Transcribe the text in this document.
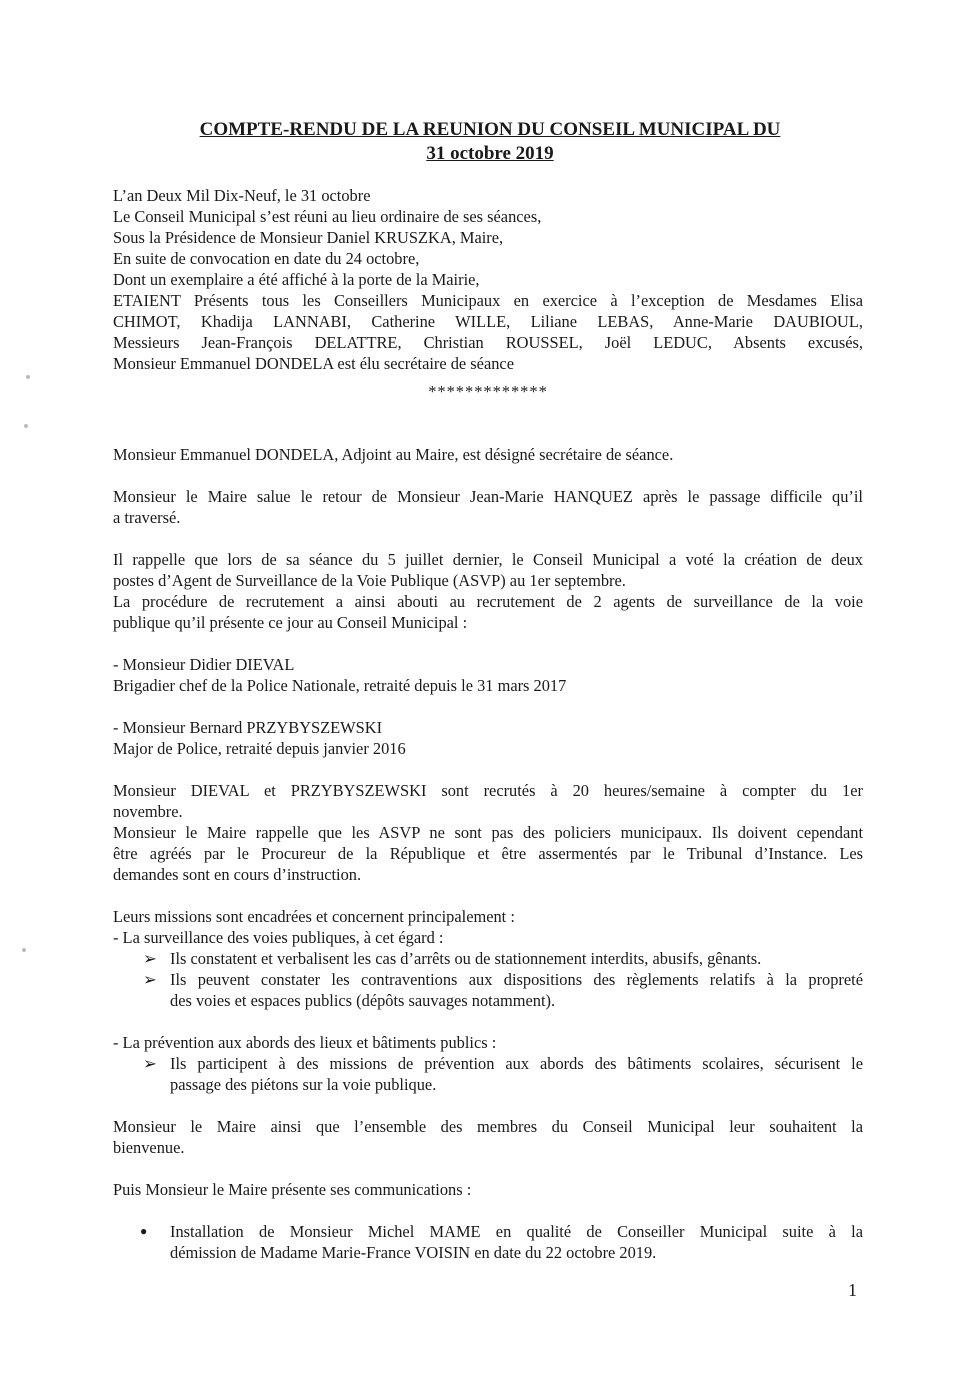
COMPTE-RENDU DE LA REUNION DU CONSEIL MUNICIPAL DU
31 octobre 2019
L’an Deux Mil Dix-Neuf, le 31 octobre
Le Conseil Municipal s’est réuni au lieu ordinaire de ses séances,
Sous la Présidence de Monsieur Daniel KRUSZKA, Maire,
En suite de convocation en date du 24 octobre,
Dont un exemplaire a été affiché à la porte de la Mairie,
ETAIENT Présents tous les Conseillers Municipaux en exercice à l’exception de Mesdames Elisa
CHIMOT, Khadija LANNABI, Catherine WILLE, Liliane LEBAS, Anne-Marie DAUBIOUL,
Messieurs Jean-François DELATTRE, Christian ROUSSEL, Joël LEDUC, Absents excusés,
Monsieur Emmanuel DONDELA est élu secrétaire de séance
*************
Monsieur Emmanuel DONDELA, Adjoint au Maire, est désigné secrétaire de séance.
Monsieur le Maire salue le retour de Monsieur Jean-Marie HANQUEZ après le passage difficile qu’il
a traversé.
Il rappelle que lors de sa séance du 5 juillet dernier, le Conseil Municipal a voté la création de deux
postes d’Agent de Surveillance de la Voie Publique (ASVP) au 1er septembre.
La procédure de recrutement a ainsi abouti au recrutement de 2 agents de surveillance de la voie
publique qu’il présente ce jour au Conseil Municipal :
- Monsieur Didier DIEVAL
Brigadier chef de la Police Nationale, retraité depuis le 31 mars 2017
- Monsieur Bernard PRZYBYSZEWSKI
Major de Police, retraité depuis janvier 2016
Monsieur DIEVAL et PRZYBYSZEWSKI sont recrutés à 20 heures/semaine à compter du 1er
novembre.
Monsieur le Maire rappelle que les ASVP ne sont pas des policiers municipaux. Ils doivent cependant
être agréés par le Procureur de la République et être assermentés par le Tribunal d’Instance. Les
demandes sont en cours d’instruction.
Leurs missions sont encadrées et concernent principalement :
- La surveillance des voies publiques, à cet égard :
➢ Ils constatent et verbalisent les cas d’arrêts ou de stationnement interdits, abusifs, gênants.
➢ Ils peuvent constater les contraventions aux dispositions des règlements relatifs à la propreté
des voies et espaces publics (dépôts sauvages notamment).
- La prévention aux abords des lieux et bâtiments publics :
➢ Ils participent à des missions de prévention aux abords des bâtiments scolaires, sécurisent le
passage des piétons sur la voie publique.
Monsieur le Maire ainsi que l’ensemble des membres du Conseil Municipal leur souhaitent la
bienvenue.
Puis Monsieur le Maire présente ses communications :
● Installation de Monsieur Michel MAME en qualité de Conseiller Municipal suite à la
démission de Madame Marie-France VOISIN en date du 22 octobre 2019.
1
